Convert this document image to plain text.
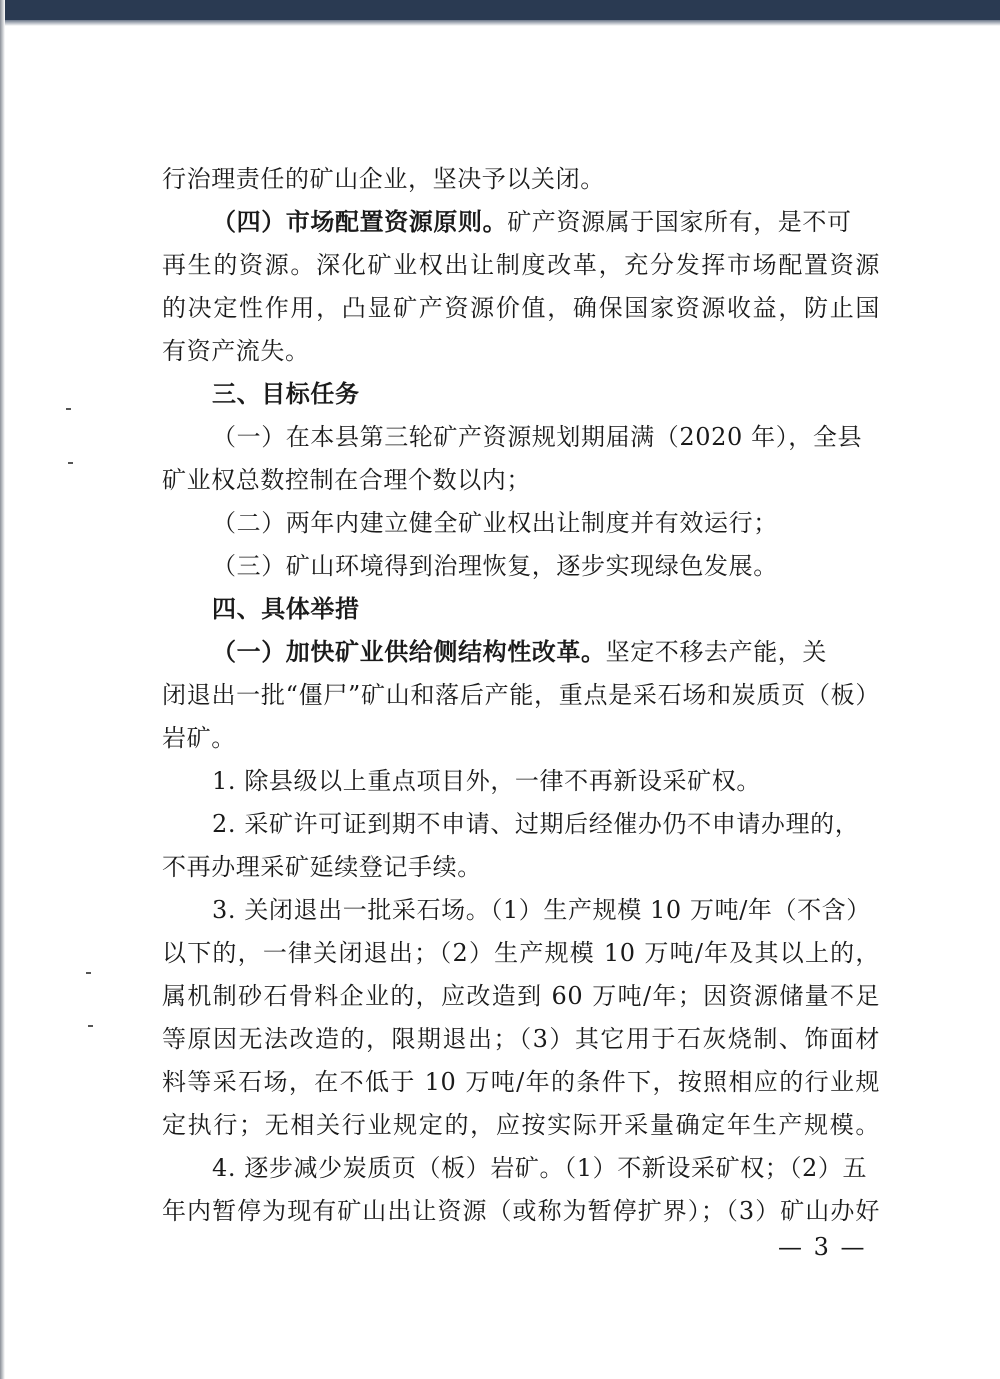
行治理责任的矿山企业，坚决予以关闭。
（四）市场配置资源原则。矿产资源属于国家所有，是不可
再生的资源。深化矿业权出让制度改革，充分发挥市场配置资源
的决定性作用，凸显矿产资源价值，确保国家资源收益，防止国
有资产流失。
三、目标任务
（一）在本县第三轮矿产资源规划期届满（2020 年），全县
矿业权总数控制在合理个数以内；
（二）两年内建立健全矿业权出让制度并有效运行；
（三）矿山环境得到治理恢复，逐步实现绿色发展。
四、具体举措
（一）加快矿业供给侧结构性改革。坚定不移去产能，关
闭退出一批“僵尸”矿山和落后产能，重点是采石场和炭质页（板）
岩矿。
1. 除县级以上重点项目外，一律不再新设采矿权。
2. 采矿许可证到期不申请、过期后经催办仍不申请办理的，
不再办理采矿延续登记手续。
3. 关闭退出一批采石场。（1）生产规模 10 万吨/年（不含）
以下的，一律关闭退出；（2）生产规模 10 万吨/年及其以上的，
属机制砂石骨料企业的，应改造到 60 万吨/年；因资源储量不足
等原因无法改造的，限期退出；（3）其它用于石灰烧制、饰面材
料等采石场，在不低于 10 万吨/年的条件下，按照相应的行业规
定执行；无相关行业规定的，应按实际开采量确定年生产规模。
4. 逐步减少炭质页（板）岩矿。（1）不新设采矿权；（2）五
年内暂停为现有矿山出让资源（或称为暂停扩界）；（3）矿山办好
— 3 —
